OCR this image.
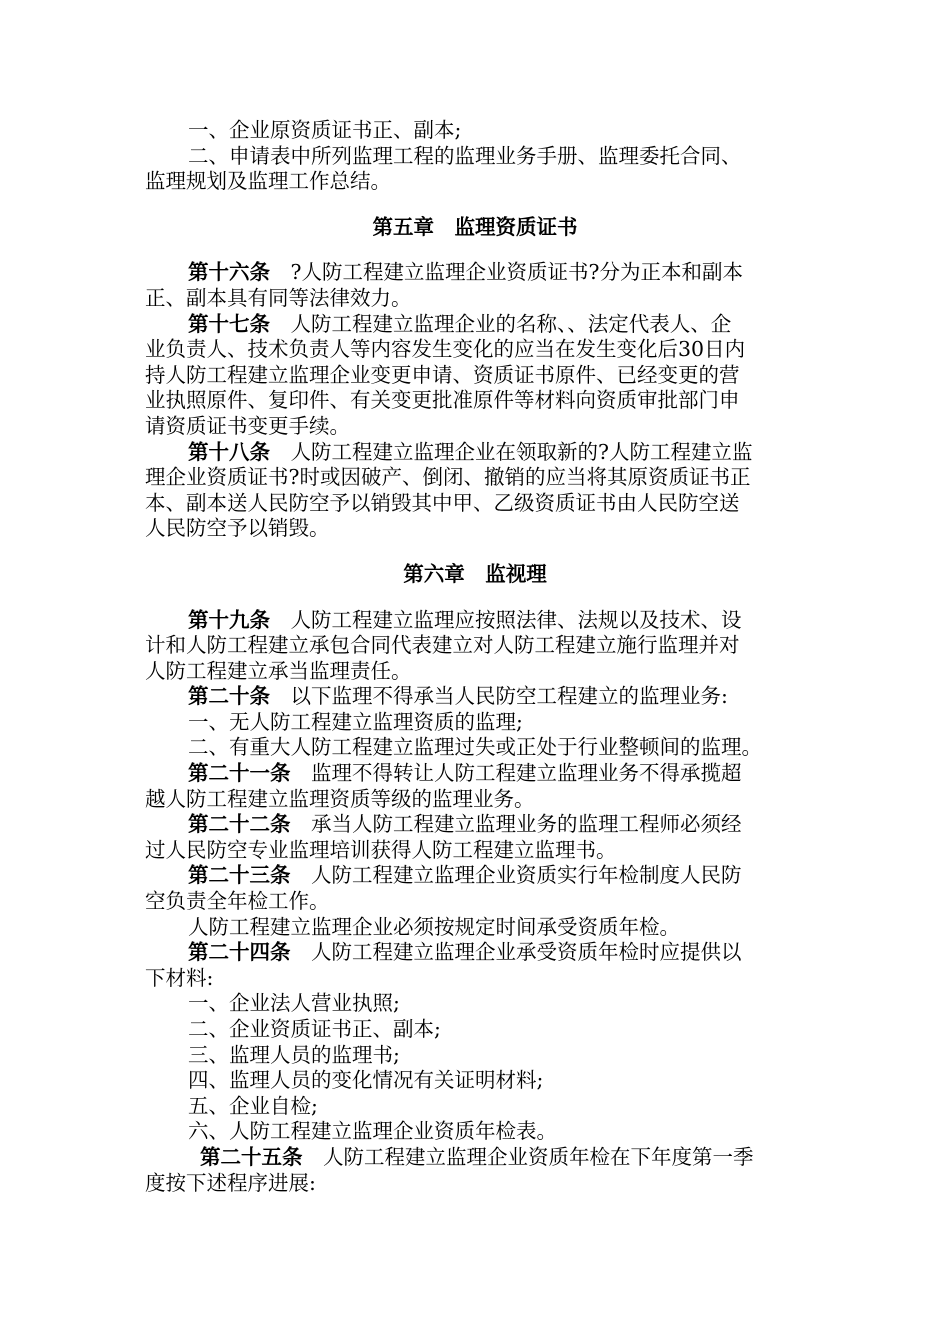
一、企业原资质证书正、副本;

二、申请表中所列监理工程的监理业务手册、监理委托合同、

监理规划及监理工作总结。

第五章　监理资质证书

第十六条　?人防工程建立监理企业资质证书?分为正本和副本

正、副本具有同等法律效力。

第十七条　人防工程建立监理企业的名称、、法定代表人、企

业负责人、技术负责人等内容发生变化的应当在发生变化后30日内

持人防工程建立监理企业变更申请、资质证书原件、已经变更的营

业执照原件、复印件、有关变更批准原件等材料向资质审批部门申

请资质证书变更手续。

第十八条　人防工程建立监理企业在领取新的?人防工程建立监

理企业资质证书?时或因破产、倒闭、撤销的应当将其原资质证书正

本、副本送人民防空予以销毁其中甲、乙级资质证书由人民防空送

人民防空予以销毁。

第六章　监视理

第十九条　人防工程建立监理应按照法律、法规以及技术、设

计和人防工程建立承包合同代表建立对人防工程建立施行监理并对

人防工程建立承当监理责任。

第二十条　以下监理不得承当人民防空工程建立的监理业务:

一、无人防工程建立监理资质的监理;

二、有重大人防工程建立监理过失或正处于行业整顿间的监理。

第二十一条　监理不得转让人防工程建立监理业务不得承揽超

越人防工程建立监理资质等级的监理业务。

第二十二条　承当人防工程建立监理业务的监理工程师必须经

过人民防空专业监理培训获得人防工程建立监理书。

第二十三条　人防工程建立监理企业资质实行年检制度人民防

空负责全年检工作。

人防工程建立监理企业必须按规定时间承受资质年检。

第二十四条　人防工程建立监理企业承受资质年检时应提供以

下材料:

一、企业法人营业执照;

二、企业资质证书正、副本;

三、监理人员的监理书;

四、监理人员的变化情况有关证明材料;

五、企业自检;

六、人防工程建立监理企业资质年检表。

第二十五条　人防工程建立监理企业资质年检在下年度第一季

度按下述程序进展:
